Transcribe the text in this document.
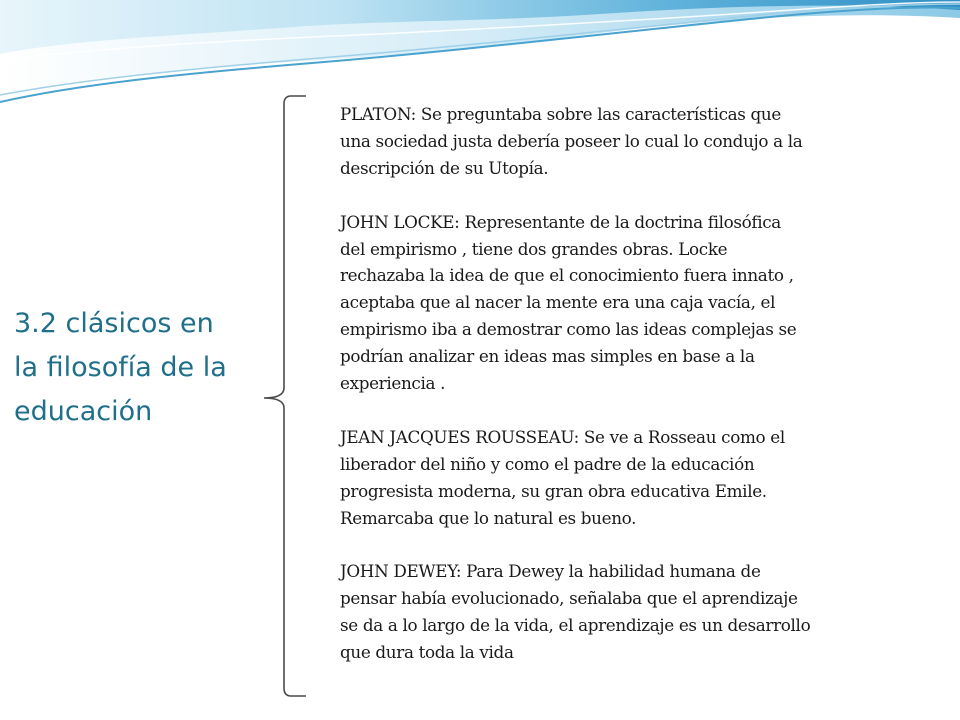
3.2 clásicos en
la filosofía de la
educación

PLATON: Se preguntaba sobre las características que
una sociedad justa debería poseer lo cual lo condujo a la
descripción de su Utopía.

JOHN LOCKE: Representante de la doctrina filosófica
del empirismo , tiene dos grandes obras. Locke
rechazaba la idea de que el conocimiento fuera innato ,
aceptaba que al nacer la mente era una caja vacía, el
empirismo iba a demostrar como las ideas complejas se
podrían analizar en ideas mas simples en base a la
experiencia .

JEAN JACQUES ROUSSEAU: Se ve a Rosseau como el
liberador del niño y como el padre de la educación
progresista moderna, su gran obra educativa Emile.
Remarcaba que lo natural es bueno.

JOHN DEWEY: Para Dewey la habilidad humana de
pensar había evolucionado, señalaba que el aprendizaje
se da a lo largo de la vida, el aprendizaje es un desarrollo
que dura toda la vida
